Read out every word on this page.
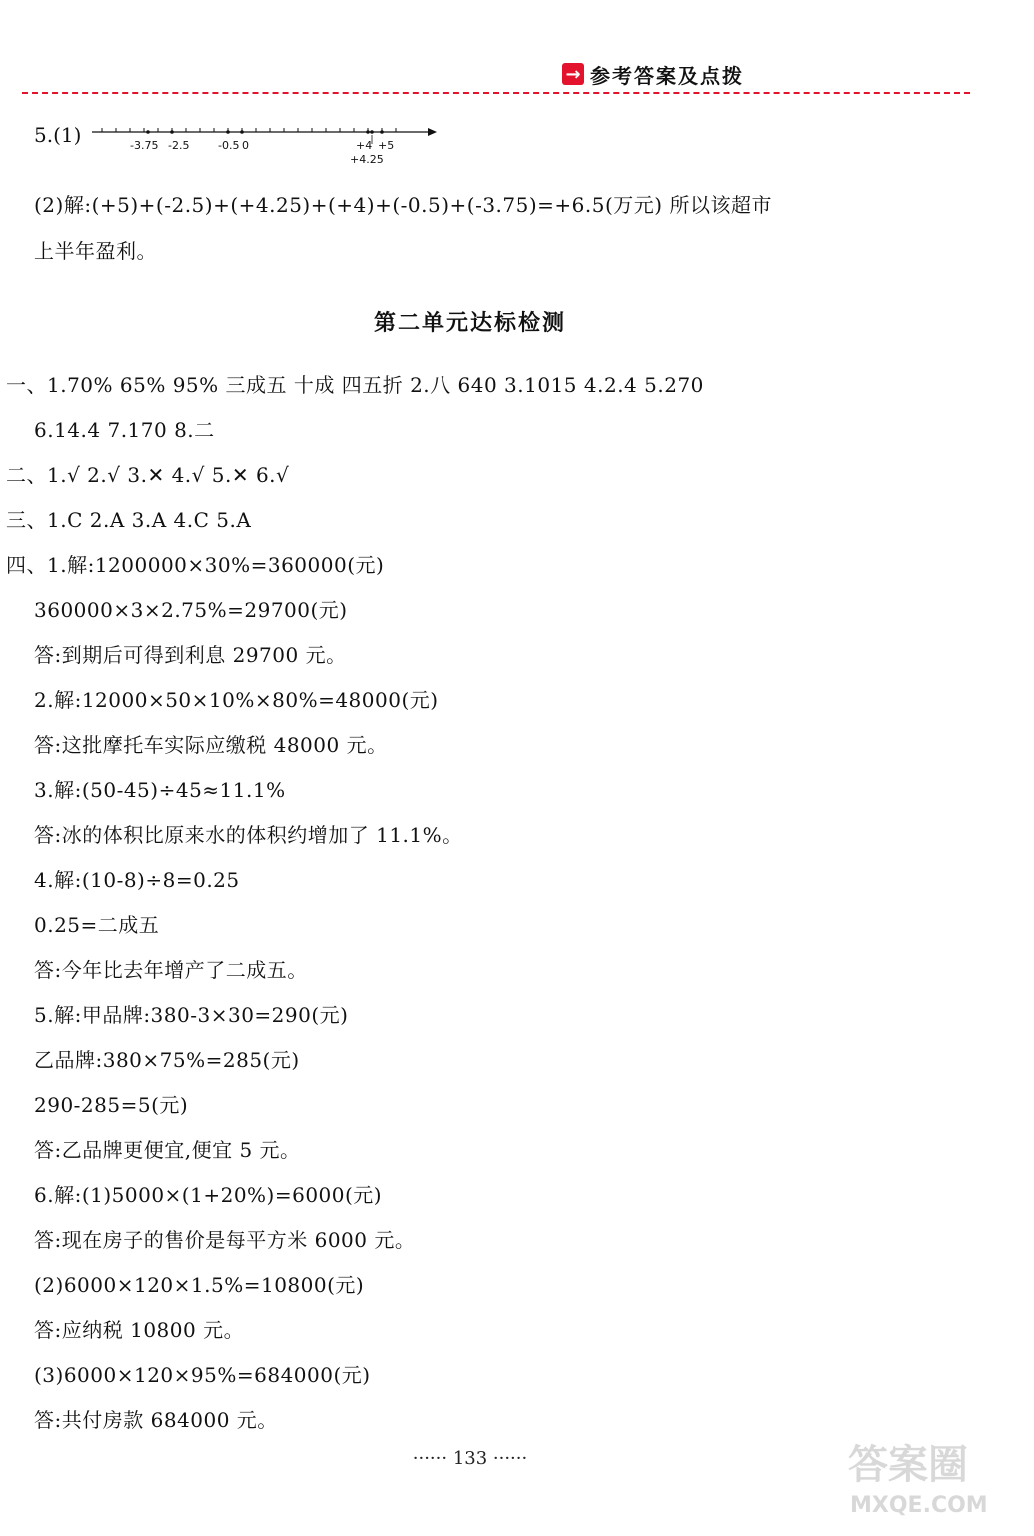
→ 参考答案及点拨
5.(1)	-3.75 -2.5	-0.5 0	+4 +5
+4.25
(2)解:(+5)+(-2.5)+(+4.25)+(+4)+(-0.5)+(-3.75)=+6.5(万元) 所以该超市
上半年盈利。
第二单元达标检测
一、1.70% 65% 95% 三成五 十成 四五折 2.八 640 3.1015 4.2.4 5.270
6.14.4 7.170 8.二
二、1.√ 2.√ 3.✕ 4.√ 5.✕ 6.√
三、1.C 2.A 3.A 4.C 5.A
四、1.解:1200000×30%=360000(元)
360000×3×2.75%=29700(元)
答:到期后可得到利息 29700 元。
2.解:12000×50×10%×80%=48000(元)
答:这批摩托车实际应缴税 48000 元。
3.解:(50-45)÷45≈11.1%
答:冰的体积比原来水的体积约增加了 11.1%。
4.解:(10-8)÷8=0.25
0.25=二成五
答:今年比去年增产了二成五。
5.解:甲品牌:380-3×30=290(元)
乙品牌:380×75%=285(元)
290-285=5(元)
答:乙品牌更便宜,便宜 5 元。
6.解:(1)5000×(1+20%)=6000(元)
答:现在房子的售价是每平方米 6000 元。
(2)6000×120×1.5%=10800(元)
答:应纳税 10800 元。
(3)6000×120×95%=684000(元)
答:共付房款 684000 元。
······ 133 ······	答案圈
MXQE.COM
